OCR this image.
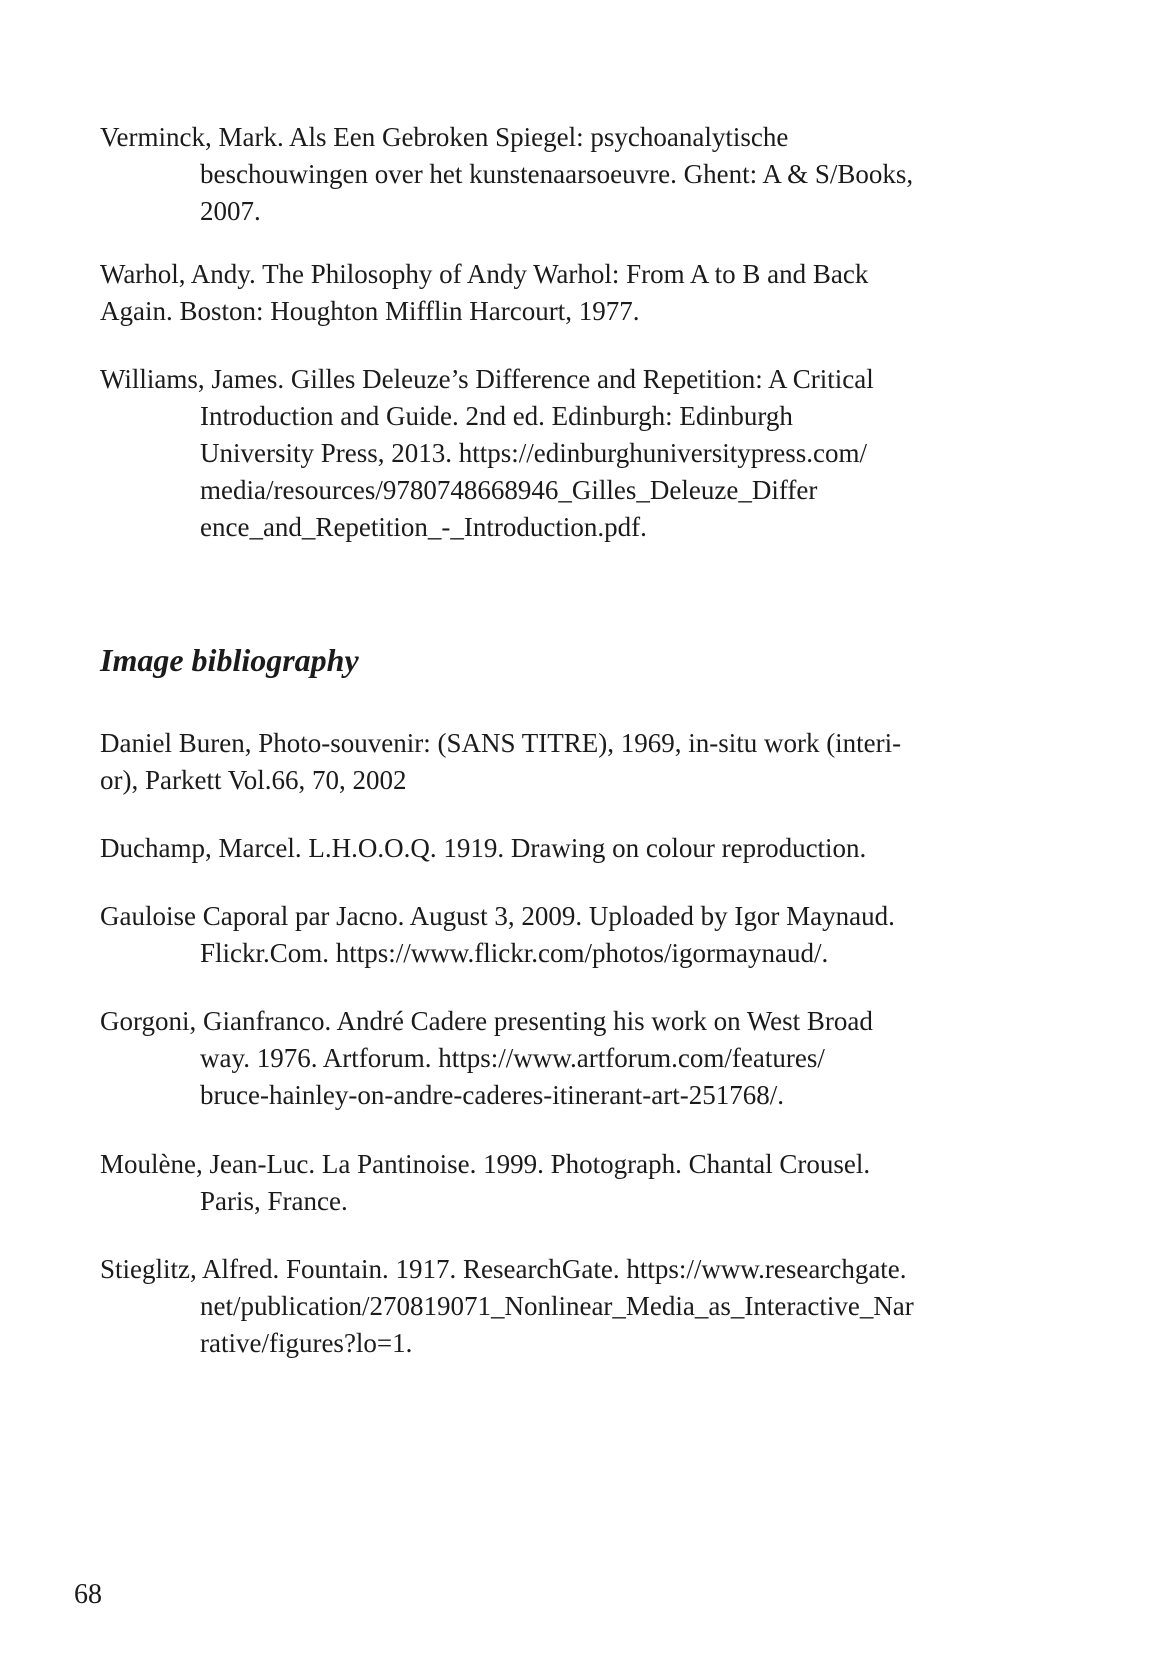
Verminck, Mark. Als Een Gebroken Spiegel: psychoanalytische
beschouwingen over het kunstenaarsoeuvre. Ghent: A & S/Books,
2007.
Warhol, Andy. The Philosophy of Andy Warhol: From A to B and Back
Again. Boston: Houghton Mifflin Harcourt, 1977.
Williams, James. Gilles Deleuze’s Difference and Repetition: A Critical
Introduction and Guide. 2nd ed. Edinburgh: Edinburgh
University Press, 2013. https://edinburghuniversitypress.com/
media/resources/9780748668946_Gilles_Deleuze_Differ
ence_and_Repetition_-_Introduction.pdf.
Image bibliography
Daniel Buren, Photo-souvenir: (SANS TITRE), 1969, in-situ work (interi-
or), Parkett Vol.66, 70, 2002
Duchamp, Marcel. L.H.O.O.Q. 1919. Drawing on colour reproduction.
Gauloise Caporal par Jacno. August 3, 2009. Uploaded by Igor Maynaud.
Flickr.Com. https://www.flickr.com/photos/igormaynaud/.
Gorgoni, Gianfranco. André Cadere presenting his work on West Broad
way. 1976. Artforum. https://www.artforum.com/features/
bruce-hainley-on-andre-caderes-itinerant-art-251768/.
Moulène, Jean-Luc. La Pantinoise. 1999. Photograph. Chantal Crousel.
Paris, France.
Stieglitz, Alfred. Fountain. 1917. ResearchGate. https://www.researchgate.
net/publication/270819071_Nonlinear_Media_as_Interactive_Nar
rative/figures?lo=1.
68
